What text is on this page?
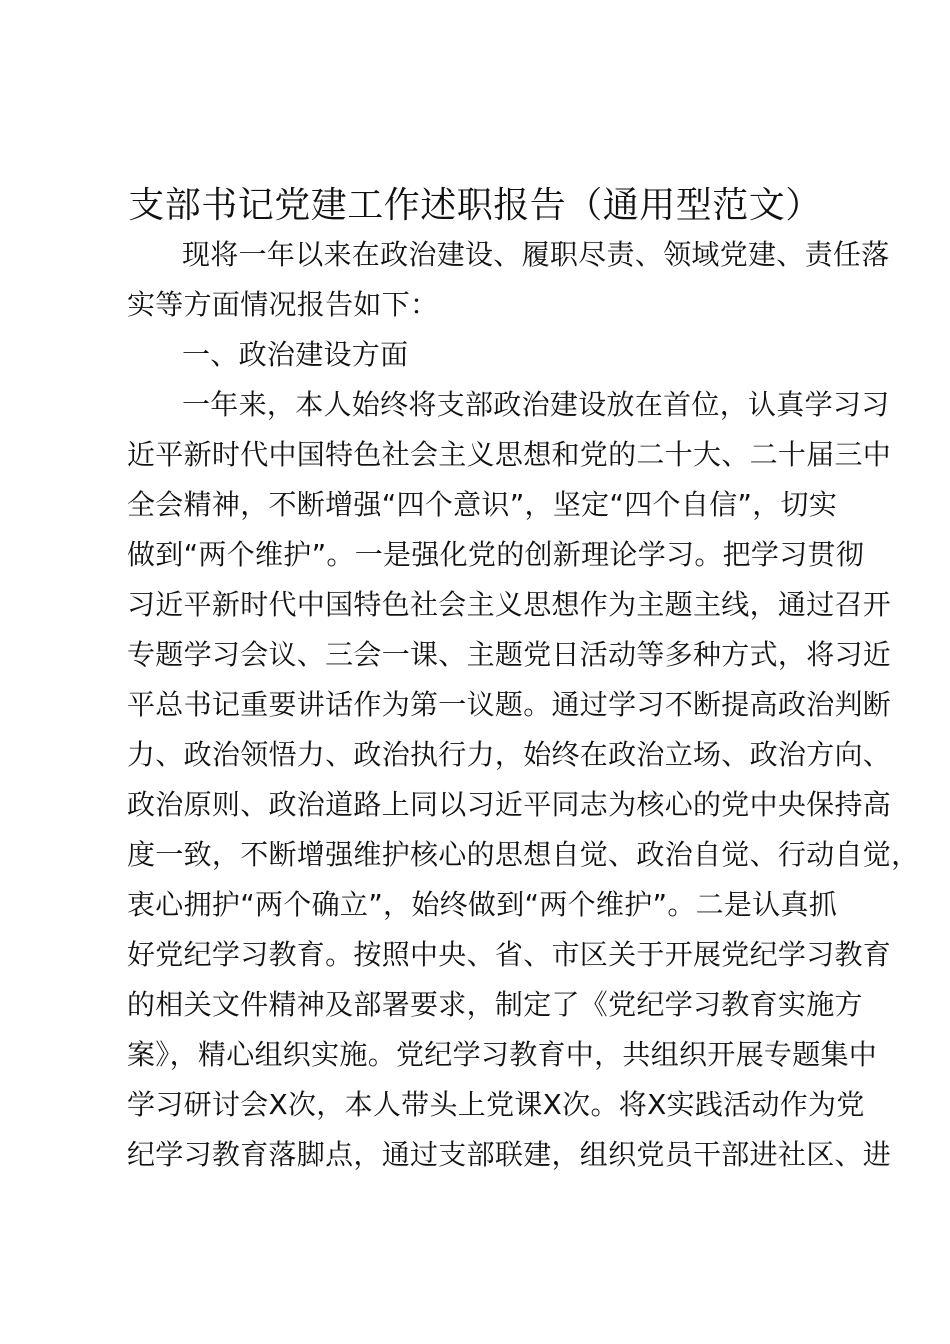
支部书记党建工作述职报告（通用型范文）
现将一年以来在政治建设、履职尽责、领域党建、责任落
实等方面情况报告如下：
一、政治建设方面
一年来，本人始终将支部政治建设放在首位，认真学习习
近平新时代中国特色社会主义思想和党的二十大、二十届三中
全会精神，不断增强“四个意识”，坚定“四个自信”，切实
做到“两个维护”。一是强化党的创新理论学习。把学习贯彻
习近平新时代中国特色社会主义思想作为主题主线，通过召开
专题学习会议、三会一课、主题党日活动等多种方式，将习近
平总书记重要讲话作为第一议题。通过学习不断提高政治判断
力、政治领悟力、政治执行力，始终在政治立场、政治方向、
政治原则、政治道路上同以习近平同志为核心的党中央保持高
度一致，不断增强维护核心的思想自觉、政治自觉、行动自觉，
衷心拥护“两个确立”，始终做到“两个维护”。二是认真抓
好党纪学习教育。按照中央、省、市区关于开展党纪学习教育
的相关文件精神及部署要求，制定了《党纪学习教育实施方
案》，精心组织实施。党纪学习教育中，共组织开展专题集中
学习研讨会X次，本人带头上党课X次。将X实践活动作为党
纪学习教育落脚点，通过支部联建，组织党员干部进社区、进
